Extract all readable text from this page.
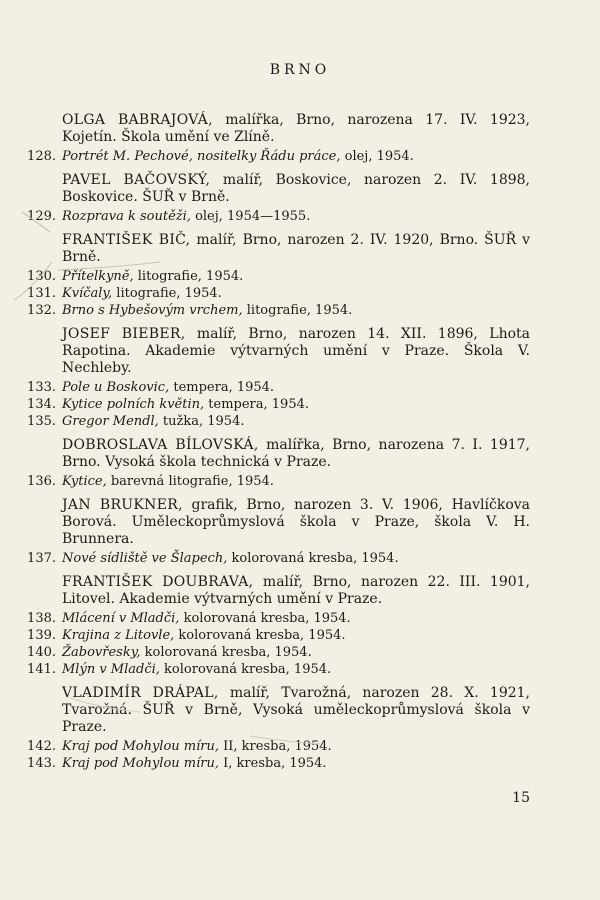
BRNO
OLGA BABRAJOVÁ, malířka, Brno, narozena 17. IV. 1923, Kojetín. Škola umění ve Zlíně.
128. Portrét M. Pechové, nositelky Řádu práce, olej, 1954.
PAVEL BAČOVSKÝ, malíř, Boskovice, narozen 2. IV. 1898, Boskovice. ŠUŘ v Brně.
129. Rozprava k soutěži, olej, 1954—1955.
FRANTIŠEK BIČ, malíř, Brno, narozen 2. IV. 1920, Brno. ŠUŘ v Brně.
130. Přítelkyně, litografie, 1954.
131. Kvíčaly, litografie, 1954.
132. Brno s Hybešovým vrchem, litografie, 1954.
JOSEF BIEBER, malíř, Brno, narozen 14. XII. 1896, Lhota Rapotina. Akademie výtvarných umění v Praze. Škola V. Nechleby.
133. Pole u Boskovic, tempera, 1954.
134. Kytice polních květin, tempera, 1954.
135. Gregor Mendl, tužka, 1954.
DOBROSLAVA BÍLOVSKÁ, malířka, Brno, narozena 7. I. 1917, Brno. Vysoká škola technická v Praze.
136. Kytice, barevná litografie, 1954.
JAN BRUKNER, grafik, Brno, narozen 3. V. 1906, Havlíčkova Borová. Uměleckoprůmyslová škola v Praze, škola V. H. Brunnera.
137. Nové sídliště ve Šlapech, kolorovaná kresba, 1954.
FRANTIŠEK DOUBRAVA, malíř, Brno, narozen 22. III. 1901, Litovel. Akademie výtvarných umění v Praze.
138. Mlácení v Mladči, kolorovaná kresba, 1954.
139. Krajina z Litovle, kolorovaná kresba, 1954.
140. Žabovřesky, kolorovaná kresba, 1954.
141. Mlýn v Mladči, kolorovaná kresba, 1954.
VLADIMÍR DRÁPAL, malíř, Tvarožná, narozen 28. X. 1921, Tvarožná. ŠUŘ v Brně, Vysoká uměleckoprůmyslová škola v Praze.
142. Kraj pod Mohylou míru, II, kresba, 1954.
143. Kraj pod Mohylou míru, I, kresba, 1954.
15
